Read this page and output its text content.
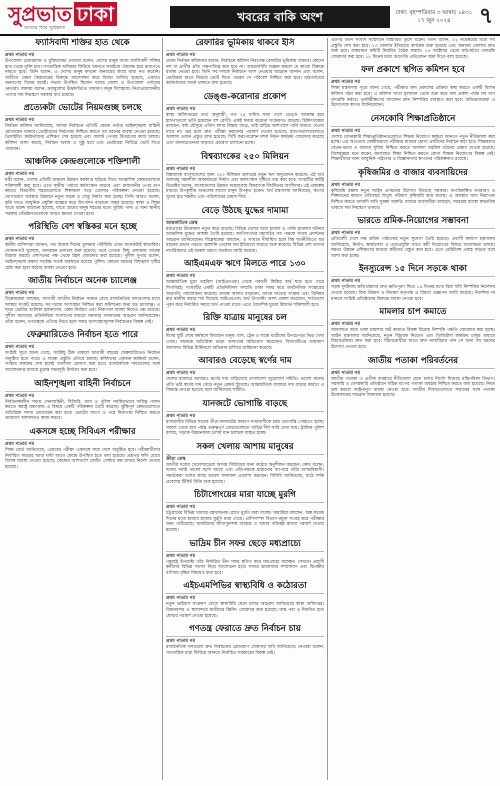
সুপ্রভাত ঢাকা
সত্যের পথে সুপ্রভাত
খবরের বাকি অংশ	ঢাকা: বৃহস্পতিবার ৩ আষাঢ় ১৪৩১
১৭ জুন ২০২৪	৭
ফ্যাসিবাদী শক্তির হাত থেকে
প্রথম পাতার পর
উপজেলা চেয়ারম্যান ও মুক্তিযোদ্ধা নেতারা বলেন, দেশের মানুষ আজ ফ্যাসিবাদী শক্তির হাত থেকে মুক্তি চায়। গণতান্ত্রিক অধিকার ফিরিয়ে আনতে সবাইকে ঐক্যবদ্ধ হয়ে রাজপথে নামতে হবে। তিনি বলেন, এ দেশের মানুষ কখনো অন্যায়ের কাছে মাথা নত করেনি। অতীতে যেমন স্বৈরাচারের বিরুদ্ধে আন্দোলন করে বিজয় অর্জিত হয়েছে, এবারও জনগণের বিজয় হবেই। সভায় উপস্থিত ছিলেন দলের জেলা ও উপজেলা পর্যায়ের নেতারা। বক্তারা বলেন, দ্রব্যমূল্যের ঊর্ধ্বগতিতে সাধারণ মানুষ দিশেহারা। নিত্যপ্রয়োজনীয় পণ্যের দাম নিয়ন্ত্রণে সরকার ব্যর্থ হয়েছে।
প্রত্যেকটা ভোটের নিয়মগুচ্ছ চলছে
প্রথম পাতার পর
নির্বাচন কমিশন জানিয়েছে, আসন্ন নির্বাচনে প্রতিটি কেন্দ্রে পর্যাপ্ত আইনশৃঙ্খলা বাহিনী মোতায়েন থাকবে। ভোটারদের নিরাপত্তা নিশ্চিত করতে সব ধরনের ব্যবস্থা নেওয়া হয়েছে। প্রিসাইডিং কর্মকর্তাদের প্রশিক্ষণ শেষ হয়েছে এবং ব্যালট পেপার বিতরণের কাজ চলছে। কমিশন আশা করছে, নির্বাচন অবাধ ও সুষ্ঠু হবে এবং ভোটাররা নির্বিঘ্নে ভোট দিতে পারবেন।
আঞ্চলিক কেন্দ্রগুলোকে শক্তিশালী
প্রথম পাতার পর
মন্ত্রী বলেন, দেশের প্রতিটি অঞ্চলে উন্নয়ন কর্মকাণ্ড ছড়িয়ে দিতে আঞ্চলিক কেন্দ্রগুলোকে শক্তিশালী করা হবে। এতে স্থানীয় পর্যায়ে কর্মসংস্থান বাড়বে এবং রাজধানীর ওপর চাপ কমবে। বিভাগীয় শহরগুলোতে শিল্পাঞ্চল গড়ে তোলার পরিকল্পনা নেওয়া হয়েছে। যোগাযোগ ব্যবস্থার উন্নয়নে নতুন সড়ক ও সেতু নির্মাণ করা হচ্ছে। তিনি আরও বলেন, কৃষি খাতে আধুনিক প্রযুক্তি ব্যবহার করে উৎপাদন বাড়ানো সম্ভব হয়েছে। স্বাস্থ্য ও শিক্ষা খাতে বরাদ্দ বাড়ানো হয়েছে, যাতে গ্রামের মানুষ শহরের মতো সুবিধা পান। এ জন্য স্থানীয় সরকার প্রতিষ্ঠানগুলোকে আরও ক্ষমতা দেওয়া হবে।
পরিস্থিতি বেশ স্বস্তিকর মনে হচ্ছে
প্রথম পাতার পর
স্থানীয় বাসিন্দারা জানান, গত কয়েক দিনের তুলনায় পরিস্থিতি এখন অনেকটাই স্বাভাবিক। দোকানপাট খুলেছে, যানবাহন চলাচল শুরু হয়েছে। তবে এখনো কিছু এলাকায় আতঙ্ক বিরাজ করছে। প্রশাসনের পক্ষ থেকে টহল জোরদার করা হয়েছে। পুলিশ সুপার বলেন, আইনশৃঙ্খলা রক্ষায় সর্বোচ্চ সতর্ক অবস্থানে রয়েছে পুলিশ। কোনো ধরনের বিশৃঙ্খলা সৃষ্টির চেষ্টা করা হলে কঠোর ব্যবস্থা নেওয়া হবে।
জাতীয় নির্বাচনে অনেক চ্যালেঞ্জ
প্রথম পাতার পর
বিশ্লেষকেরা বলছেন, আগামী জাতীয় নির্বাচন সামনে রেখে রাজনৈতিক দলগুলোর মধ্যে আস্থার সংকট রয়েছে। সব দলের অংশগ্রহণ নিশ্চিত করা কমিশনের জন্য বড় চ্যালেঞ্জ। এ ছাড়া ভোটার তালিকা হালনাগাদ, কেন্দ্র নির্ধারণ এবং নিরাপত্তা ব্যবস্থা নিয়েও প্রশ্ন রয়েছে। সুশীল সমাজের প্রতিনিধিরা সংলাপের মাধ্যমে সমস্যার সমাধানের আহ্বান জানিয়েছেন। তাঁরা বলেন, গণতন্ত্রকে এগিয়ে নিতে হলে সবার অংশগ্রহণমূলক নির্বাচনের বিকল্প নেই।
ফেব্রুয়ারিতেও নির্বাচন হতে পারে
প্রথম পাতার পর
সংশ্লিষ্ট সূত্রে জানা গেছে, সবকিছু ঠিক থাকলে আগামী বছরের ফেব্রুয়ারিতেও নির্বাচন অনুষ্ঠিত হতে পারে। এ লক্ষ্যে প্রস্তুতি এগিয়ে চলছে। কমিশনের একজন কর্মকর্তা বলেন, সংস্কার কার্যক্রম শেষ হলেই তফসিল ঘোষণা করা হবে। রাজনৈতিক দলগুলোর সঙ্গে আলোচনার মাধ্যমে চূড়ান্ত সময়সূচি নির্ধারণ করা হবে।
আইনশৃঙ্খলা বাহিনী নির্বাচনে
প্রথম পাতার পর
নির্বাচনকালীন সময়ে সেনাবাহিনী, বিজিবি, র‍্যাব ও পুলিশ সমন্বিতভাবে দায়িত্ব পালন করবে। স্বরাষ্ট্র মন্ত্রণালয় এ বিষয়ে একটি পরিকল্পনা তৈরি করেছে। ঝুঁকিপূর্ণ কেন্দ্রগুলোতে অতিরিক্ত সদস্য মোতায়েন করা হবে। ভোটের আগে ও পরে নিরাপত্তা নিশ্চিত করতে ভ্রাম্যমাণ আদালতও কাজ করবে।
একসঙ্গে হচ্ছে সিবিএস পরীক্ষার
প্রথম পাতার পর
শিক্ষা বোর্ড জানিয়েছে, এবারের পরীক্ষা একসঙ্গে সারা দেশে অনুষ্ঠিত হবে। পরীক্ষার্থীদের নির্ধারিত সময়ের আধা ঘণ্টা আগে কেন্দ্রে উপস্থিত হতে বলা হয়েছে। প্রশ্নপত্র ফাঁস রোধে বিশেষ ব্যবস্থা নেওয়া হয়েছে। কেন্দ্রের আশপাশে কোচিং সেন্টার বন্ধ রাখার নির্দেশ দেওয়া হয়েছে।
রেফারির ভূমিকায় থাকবে ইসি
প্রথম পাতার পর
প্রধান নির্বাচন কমিশনার বলেন, নির্বাচনে কমিশন নিরপেক্ষ রেফারির ভূমিকায় থাকবে। কোনো দল বা প্রার্থীর প্রতি পক্ষপাতিত্ব করা হবে না। আচরণবিধি লঙ্ঘন করলে যে কারো বিরুদ্ধে ব্যবস্থা নেওয়া হবে। তিনি সব দলকে নির্বাচনে অংশ নেওয়ার আহ্বান জানান এবং বলেন, ভোটাররা যাতে নির্ভয়ে ভোট দিতে পারেন সে পরিবেশ নিশ্চিত করা হবে। মাঠপর্যায়ের কর্মকর্তাদের সতর্ক থাকতে বলা হয়েছে।
ডেঙ্গু-করোনার প্রকোপ
প্রথম পাতার পর
স্বাস্থ্য অধিদপ্তরের তথ্য অনুযায়ী, গত ২৪ ঘণ্টায় সারা দেশে ডেঙ্গু আক্রান্ত হয়ে হাসপাতালে ভর্তি হয়েছেন বহু রোগী। একই সময়ে করোনা সংক্রমণও বাড়ছে। চিকিৎসকেরা বলছেন, বর্ষা মৌসুমে এডিস মশার বিস্তার বাড়ে, তাই বাড়ির আশপাশে পানি জমতে দেওয়া যাবে না। জ্বর হলে দ্রুত পরীক্ষা করানোর পরামর্শ দেওয়া হয়েছে। হাসপাতালগুলোতে আলাদা ওয়ার্ড প্রস্তুত রাখা হয়েছে। সিটি করপোরেশন মশক নিধন কার্যক্রম জোরদার করেছে এবং জনসচেতনতা বাড়াতে প্রচারণা চালানো হচ্ছে।
বিশ্বব্যাংকের ২৫০ মিলিয়ন
প্রথম পাতার পর
বিশ্বব্যাংক বাংলাদেশের জন্য ২৫০ মিলিয়ন ডলারের নতুন ঋণ অনুমোদন করেছে। এই অর্থ জলবায়ু সহনশীল অবকাঠামো নির্মাণ এবং কর্মসংস্থান সৃষ্টিতে ব্যয় করা হবে। সংস্থাটির কান্ট্রি ডিরেক্টর বলেন, বাংলাদেশের উন্নয়ন অগ্রযাত্রায় বিশ্বব্যাংক দীর্ঘদিনের অংশীদার। এই প্রকল্পের মাধ্যমে উপকূলীয় অঞ্চলের লাখো মানুষ উপকৃত হবেন। অর্থ মন্ত্রণালয় জানিয়েছে, ঋণের সুদের হার সহনীয় এবং পরিশোধের মেয়াদ দীর্ঘ।
বেড়ে উঠছে যুদ্ধের দামামা
আন্তর্জাতিক ডেস্ক
মধ্যপ্রাচ্যে উত্তেজনা নতুন করে বাড়ছে। বিভিন্ন দেশের মধ্যে হামলা ও পাল্টা হামলার ঘটনায় আঞ্চলিক যুদ্ধের আশঙ্কা তৈরি হয়েছে। জাতিসংঘের মহাসচিব সব পক্ষকে সংযম প্রদর্শনের আহ্বান জানিয়েছেন। বিশ্লেষকেরা বলছেন, এ সংঘাত দীর্ঘায়িত হলে বিশ্ব অর্থনীতিতে বড় ধরনের প্রভাব পড়বে। জ্বালানি তেলের দাম ইতিমধ্যে বাড়তে শুরু করেছে। বিভিন্ন দেশ তাদের নাগরিকদের ওই অঞ্চল ভ্রমণে সতর্কতা জারি করেছে।
আইএমএফ ঋণে মিলতে পারে ১৩০
প্রথম পাতার পর
আন্তর্জাতিক মুদ্রা তহবিল (আইএমএফ) থেকে পরবর্তী কিস্তির অর্থ ছাড় হতে পারে শিগগিরই। সংস্থাটির একটি প্রতিনিধিদল সম্প্রতি ঢাকা সফর করে অর্থনৈতিক সংস্কারের অগ্রগতি পর্যালোচনা করেছে। রাজস্ব আদায় বাড়ানো, ব্যাংক খাতের সংস্কার এবং বিনিময় হার নমনীয় করার শর্ত দিয়েছে আইএমএফ। অর্থ উপদেষ্টা আশা প্রকাশ করেছেন, শর্তগুলো পূরণ করে নির্ধারিত সময়ে অর্থ পাওয়া যাবে। এতে বৈদেশিক মুদ্রার রিজার্ভ শক্তিশালী হবে।
রিক্তি যাত্রায় মানুষের চল
প্রথম পাতার পর
ঈদের ছুটি শেষে কর্মস্থলে ফিরছেন মানুষ। বাস, ট্রেন ও লঞ্চে যাত্রীদের উপচেপড়া ভিড় দেখা গেছে। অনেকে অতিরিক্ত ভাড়া আদায়ের অভিযোগ করেছেন। বিআরটিএর ভ্রাম্যমাণ আদালত বিভিন্ন টার্মিনালে অভিযান চালিয়ে জরিমানা করেছে।
আবারও বেড়েছে স্বর্ণের দাম
প্রথম পাতার পর
দেশের বাজারে আবারও স্বর্ণের দাম বাড়িয়েছে বাংলাদেশ জুয়েলার্স সমিতি। ভালো মানের প্রতি ভরি স্বর্ণের দাম বেড়ে নতুন রেকর্ড ছুঁয়েছে। আন্তর্জাতিক বাজারে দাম বাড়ার কারণে এ সিদ্ধান্ত নেওয়া হয়েছে বলে জানিয়েছে সমিতি।
যানজটে ভোগান্তি বাড়ছে
প্রথম পাতার পর
রাজধানীর বিভিন্ন সড়কে তীব্র যানজটের কারণে নগরবাসীকে চরম ভোগান্তি পোহাতে হচ্ছে। সকাল থেকে রাত পর্যন্ত গুরুত্বপূর্ণ মোড়গুলোতে গাড়ির দীর্ঘ সারি দেখা যায়। ট্রাফিক পুলিশ বলছে, সড়কে উন্নয়নকাজ চলায় যান চলাচল ব্যাহত হচ্ছে।
সকল খেলায় আশায় মানুষের
ক্রীড়া ডেস্ক
জাতীয় দলের খেলোয়াড়েরা আসন্ন সিরিজের জন্য কঠোর অনুশীলন করছেন। কোচ বলেন, দলের সবাই ভালো ছন্দে আছে এবং প্রতিপক্ষকে হারানোর ব্যাপারে তাঁরা আত্মবিশ্বাসী। সমর্থকেরা দলের কাছে ভালো ফলাফল প্রত্যাশা করছেন। বিসিবি জানিয়েছে, মাঠে দর্শক প্রবেশের টিকিট বিক্রি শুরু হয়েছে।
চিটাগোংয়ের মারা যাচ্ছে মুরগি
প্রথম পাতার পর
চট্টগ্রামের বিভিন্ন খামারে রহস্যজনক রোগে মুরগি মারা যাচ্ছে। খামারিরা বলছেন, অল্প কয়েক দিনের মধ্যে হাজার হাজার মুরগি মারা গেছে। প্রাণিসম্পদ বিভাগ নমুনা সংগ্রহ করে পরীক্ষার জন্য পাঠিয়েছে। খামারিদের জীবাণুনাশক ব্যবহার ও খামার পরিচ্ছন্ন রাখার পরামর্শ দেওয়া হয়েছে।
ভাদ্রিম চীন সফর ছেড়ে মধ্যপ্রাচ্যে
প্রথম পাতার পর
পররাষ্ট্র উপদেষ্টা তাঁর নির্ধারিত চীন সফর স্থগিত করে মধ্যপ্রাচ্যে যাচ্ছেন। সেখানে প্রবাসী কর্মীদের বিভিন্ন সমস্যা নিয়ে আলোচনা হবে। সফরে শ্রমবাজার সম্প্রসারণ এবং দ্বিপক্ষীয় বাণিজ্য বৃদ্ধির বিষয়েও কথা হবে।
এইচএমপিভির স্বাস্থ্যবিধি ও কঠোরতা
প্রথম পাতার পর
নতুন ভাইরাস সংক্রমণ রোধে স্বাস্থ্যবিধি মেনে চলার আহ্বান জানিয়েছে স্বাস্থ্য অধিদপ্তর। বিমানবন্দর ও স্থলবন্দরে যাত্রীদের স্ক্রিনিং জোরদার করা হয়েছে। মাস্ক পরা ও নিয়মিত হাত ধোয়ার পরামর্শ দেওয়া হয়েছে।
গণতন্ত্র ফেরাতে দ্রুত নির্বাচন চায়
প্রথম পাতার পর
রাজনৈতিক দলগুলো দ্রুত নির্বাচনের রোডম্যাপ ঘোষণার দাবি জানিয়েছে। নেতারা বলেন, গণতান্ত্রিক ধারা ফিরিয়ে আনতে নির্বাচিত সরকারের বিকল্প নেই।
এরপর তিনি সংবাদ সম্মেলনে বিস্তারিত তুলে ধরেন। তিনি বলেন, ২২ নভেম্বরের মধ্যে সব প্রস্তুতি শেষ করা হবে। ১৩ জেলায় ইতিমধ্যে কার্যক্রম শুরু হয়েছে এবং অন্যান্য জেলায় দ্রুত শুরু হবে। বাস্তবায়ন কমিটি নিয়মিত বৈঠক করছে। ২৫ অক্টোবর থেকে মাঠপর্যায়ে তদারকি জোরদার করা হবে। ১৫ দিনের মধ্যে অগ্রগতি প্রতিবেদন জমা দিতে বলা হয়েছে।
ফল প্রকাশে স্থগিত কমিশন হবে
প্রথম পাতার পর
শিক্ষা মন্ত্রণালয় সূত্রে জানা গেছে, পরীক্ষার ফল প্রকাশের প্রক্রিয়া স্বচ্ছ করতে একটি বিশেষ কমিশন গঠন করা হবে। এ কমিশন খাতা মূল্যায়ন থেকে শুরু করে ফল প্রকাশ পর্যন্ত সব ধাপ তদারকি করবে। পুনর্নিরীক্ষণের আবেদন দ্রুত নিষ্পত্তির ব্যবস্থাও করা হবে। অভিভাবকেরা এ উদ্যোগকে স্বাগত জানিয়েছেন।
নেসকোবি শিক্ষাপ্রতিষ্ঠানে
প্রথম পাতার পর
দেশের বেসরকারি শিক্ষাপ্রতিষ্ঠানগুলোতে শিক্ষক নিয়োগে স্বচ্ছতা আনতে নতুন নীতিমালা করা হচ্ছে। এর আওতায় কেন্দ্রীয়ভাবে পরীক্ষার মাধ্যমে যোগ্য প্রার্থীদের নির্বাচন করা হবে। শিক্ষকদের বেতন-ভাতা ও অবসর সুবিধা নিশ্চিত করতে আলাদা তহবিল গঠনের প্রস্তাব দেওয়া হয়েছে। বিশেষজ্ঞরা মনে করেন, মানসম্মত শিক্ষা নিশ্চিত করতে যোগ্য শিক্ষক নিয়োগের বিকল্প নেই। শিক্ষার্থীদের জন্য আধুনিক পাঠাগার ও বিজ্ঞানাগার স্থাপনের পরিকল্পনাও রয়েছে।
কৃষিজমির ও বাজার ব্যবসায়িদের
প্রথম পাতার পর
কৃষিজমি রক্ষায় নতুন আইন প্রণয়নের উদ্যোগ নিয়েছে সরকার। অপরিকল্পিত নগরায়ণ ও শিল্পায়নের কারণে প্রতিবছর বিপুল পরিমাণ কৃষিজমি কমে যাচ্ছে। এ অবস্থায় খাদ্য নিরাপত্তা নিশ্চিত করতে আবাদি জমি সুরক্ষা জরুরি। বাজার ব্যবসায়ীরা বলছেন, সরবরাহ ব্যবস্থা স্বাভাবিক থাকলে দাম নিয়ন্ত্রণে থাকবে।
ভারতে শ্রমিক-নিয়োগের সম্ভাবনা
প্রথম পাতার পর
প্রতিবেশী দেশে দক্ষ শ্রমিক পাঠানোর নতুন সুযোগ তৈরি হয়েছে। প্রবাসী কল্যাণ মন্ত্রণালয় জানিয়েছে, নির্মাণ, স্বাস্থ্যসেবা ও তথ্যপ্রযুক্তি খাতে কর্মী নিয়োগের বিষয়ে আলোচনা চলছে। দক্ষতা উন্নয়ন প্রশিক্ষণের মাধ্যমে কর্মীদের প্রস্তুত করা হবে। এতে রেমিট্যান্স প্রবাহ বাড়বে বলে আশা করা হচ্ছে।
ইনস্যুরেন্স ১৫ দিনে সড়কে থাকা
প্রথম পাতার পর
সড়ক দুর্ঘটনায় ক্ষতিগ্রস্তদের দ্রুত ক্ষতিপূরণ দিতে ১৫ দিনের মধ্যে বিমা দাবি নিষ্পত্তির নির্দেশনা দেওয়া হয়েছে। বিমা উন্নয়ন ও নিয়ন্ত্রণ কর্তৃপক্ষ এ বিষয়ে প্রজ্ঞাপন জারি করেছে। নির্দেশনা না মানলে সংশ্লিষ্ট প্রতিষ্ঠানের বিরুদ্ধে ব্যবস্থা নেওয়া হবে।
মামলার চাপ কমাতে
প্রথম পাতার পর
আদালতে জমে থাকা মামলার জট কমাতে বিকল্প বিরোধ নিষ্পত্তি পদ্ধতি জোরদার করা হচ্ছে। আইন মন্ত্রণালয় জানিয়েছে, নতুন বিচারক নিয়োগ এবং ডিজিটাল কার্যক্রম চালুর মাধ্যমে বিচারপ্রক্রিয়া দ্রুত করা হবে। বিচারপ্রার্থীরা যাতে দ্রুত ন্যায়বিচার পান সে জন্য সব ধরনের উদ্যোগ নেওয়া হবে।
জাতীয় পতাকা পরিবর্তনের
প্রথম পাতার পর
জাতীয় পতাকা ও প্রতীক ব্যবহারে নীতিমালা মেনে চলার নির্দেশ দিয়েছে মন্ত্রিপরিষদ বিভাগ। সরকারি ও বেসরকারি প্রতিষ্ঠানে সঠিক মাপের পতাকা ব্যবহার নিশ্চিত করতে বলা হয়েছে। নিয়ম ভঙ্গ করলে আইনানুগ ব্যবস্থা নেওয়া হবে। জাতীয় দিবসগুলোতে সম্মানের সঙ্গে পতাকা উত্তোলনের আহ্বান জানানো হয়েছে।
